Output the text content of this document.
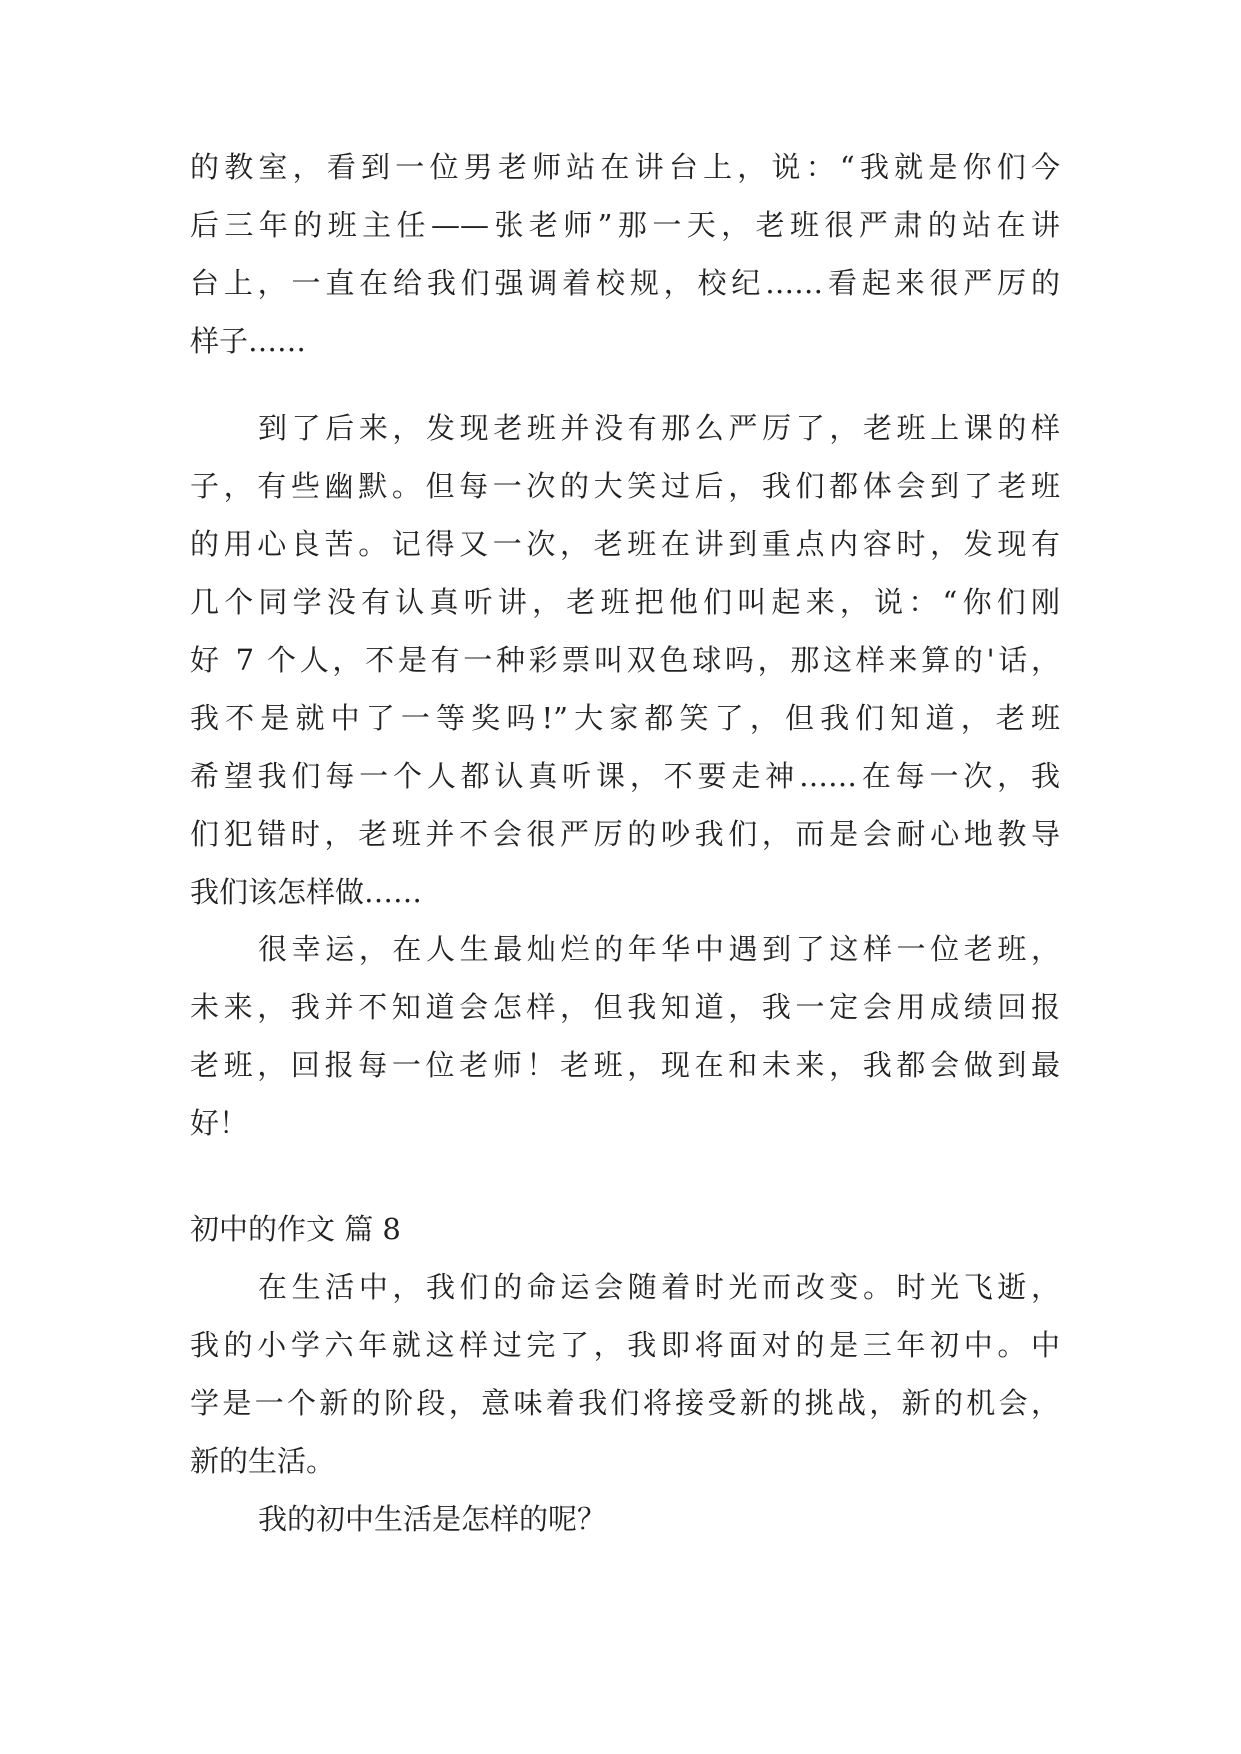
的教室，看到一位男老师站在讲台上，说：“我就是你们今
后三年的班主任——张老师”那一天，老班很严肃的站在讲
台上，一直在给我们强调着校规，校纪……看起来很严厉的
样子……
到了后来，发现老班并没有那么严厉了，老班上课的样
子，有些幽默。但每一次的大笑过后，我们都体会到了老班
的用心良苦。记得又一次，老班在讲到重点内容时，发现有
几个同学没有认真听讲，老班把他们叫起来，说：“你们刚
好 7 个人，不是有一种彩票叫双色球吗，那这样来算的'话，
我不是就中了一等奖吗!”大家都笑了，但我们知道，老班
希望我们每一个人都认真听课，不要走神……在每一次，我
们犯错时，老班并不会很严厉的吵我们，而是会耐心地教导
我们该怎样做……
很幸运，在人生最灿烂的年华中遇到了这样一位老班，
未来，我并不知道会怎样，但我知道，我一定会用成绩回报
老班，回报每一位老师！老班，现在和未来，我都会做到最
好！
初中的作文 篇 8
在生活中，我们的命运会随着时光而改变。时光飞逝，
我的小学六年就这样过完了，我即将面对的是三年初中。中
学是一个新的阶段，意味着我们将接受新的挑战，新的机会，
新的生活。
我的初中生活是怎样的呢？
